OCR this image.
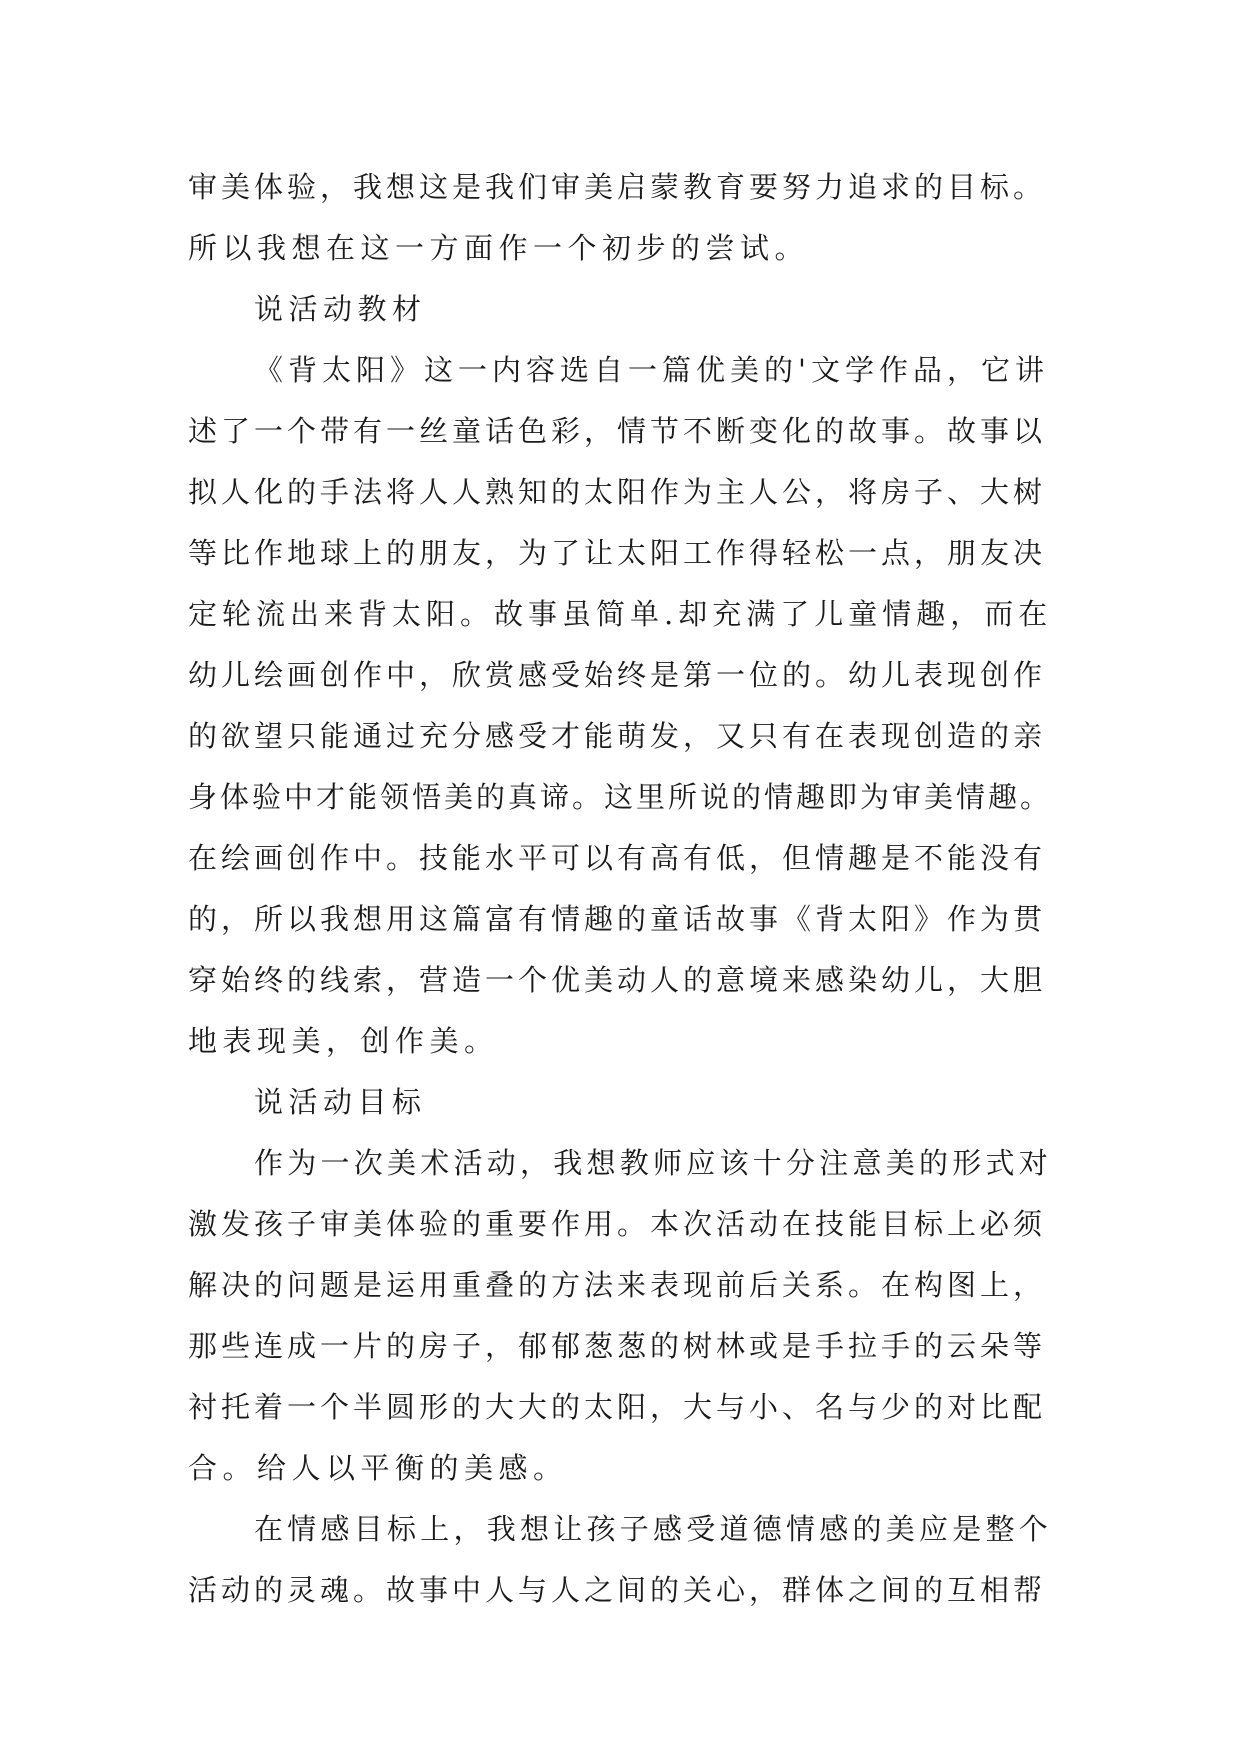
审美体验，我想这是我们审美启蒙教育要努力追求的目标。
所以我想在这一方面作一个初步的尝试。
说活动教材
《背太阳》这一内容选自一篇优美的'文学作品，它讲
述了一个带有一丝童话色彩，情节不断变化的故事。故事以
拟人化的手法将人人熟知的太阳作为主人公，将房子、大树
等比作地球上的朋友，为了让太阳工作得轻松一点，朋友决
定轮流出来背太阳。故事虽简单.却充满了儿童情趣，而在
幼儿绘画创作中，欣赏感受始终是第一位的。幼儿表现创作
的欲望只能通过充分感受才能萌发，又只有在表现创造的亲
身体验中才能领悟美的真谛。这里所说的情趣即为审美情趣。
在绘画创作中。技能水平可以有高有低，但情趣是不能没有
的，所以我想用这篇富有情趣的童话故事《背太阳》作为贯
穿始终的线索，营造一个优美动人的意境来感染幼儿，大胆
地表现美，创作美。
说活动目标
作为一次美术活动，我想教师应该十分注意美的形式对
激发孩子审美体验的重要作用。本次活动在技能目标上必须
解决的问题是运用重叠的方法来表现前后关系。在构图上，
那些连成一片的房子，郁郁葱葱的树林或是手拉手的云朵等
衬托着一个半圆形的大大的太阳，大与小、名与少的对比配
合。给人以平衡的美感。
在情感目标上，我想让孩子感受道德情感的美应是整个
活动的灵魂。故事中人与人之间的关心，群体之间的互相帮
